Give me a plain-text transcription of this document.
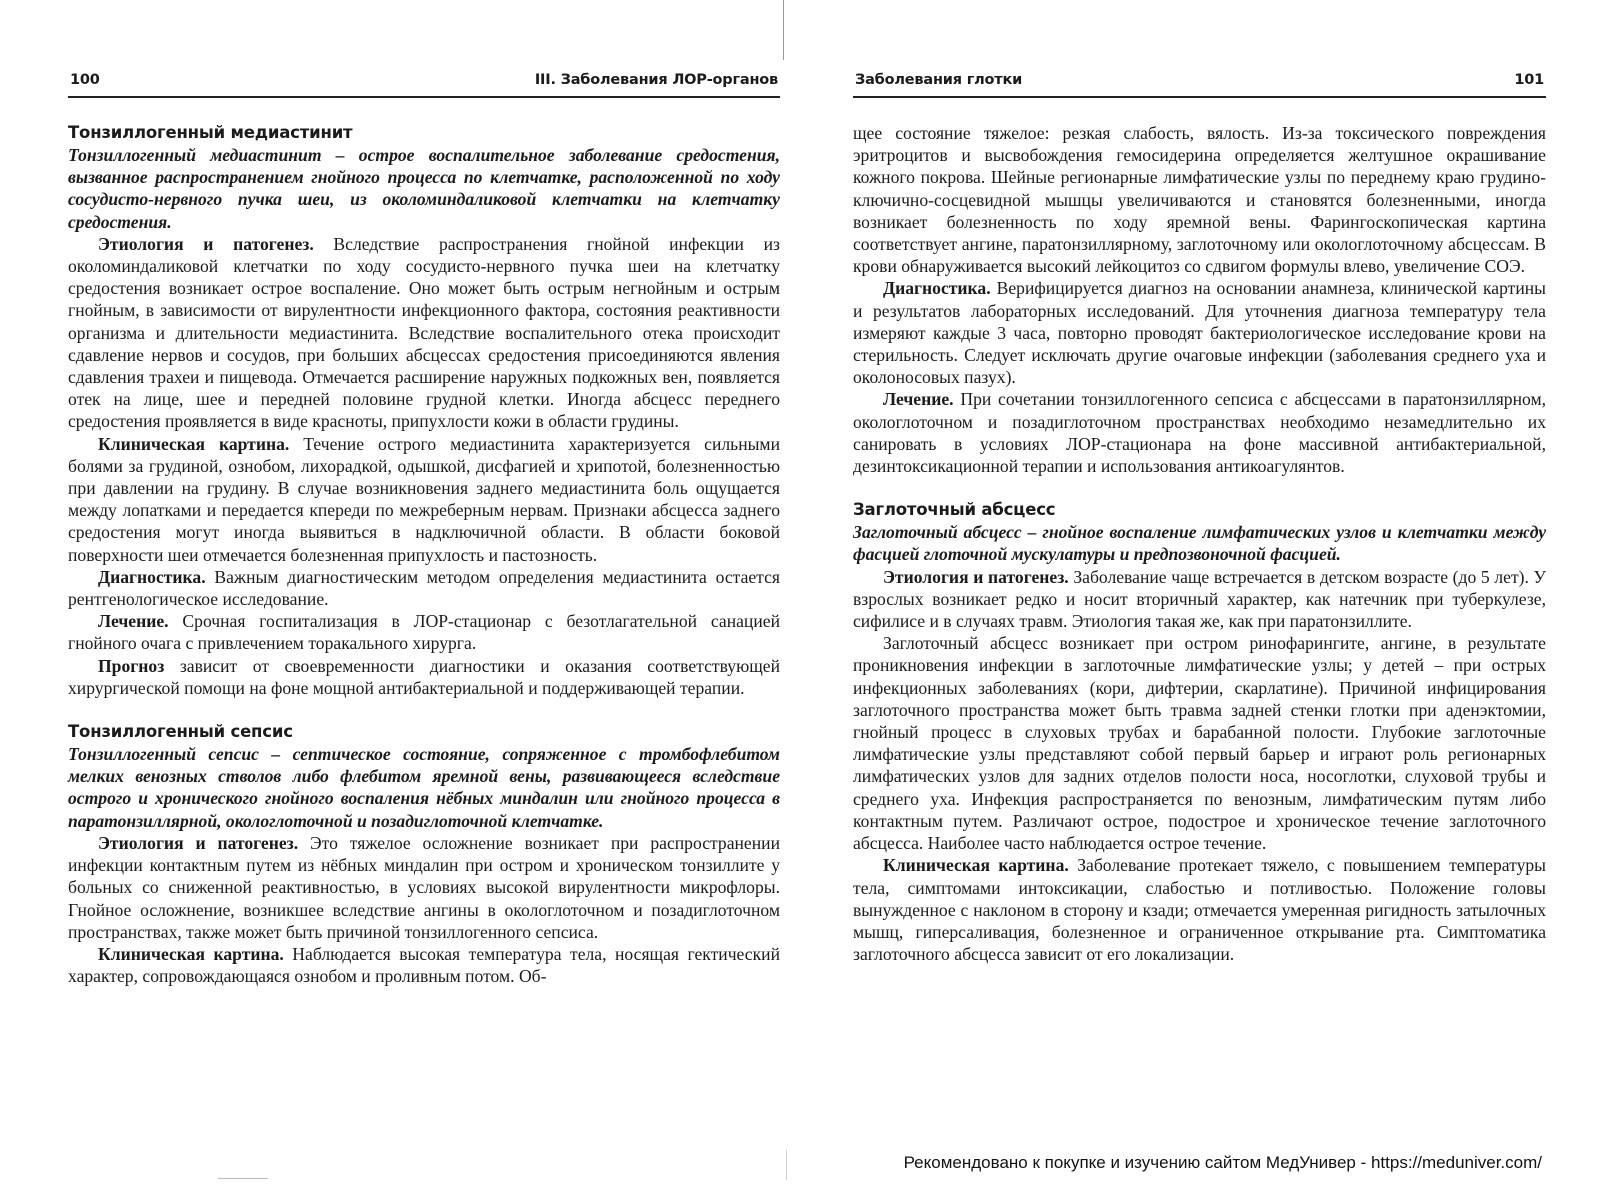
100	III. Заболевания ЛОР-органов
Тонзиллогенный медиастинит

Тонзиллогенный медиастинит – острое воспалительное заболевание средостения, вызванное распространением гнойного процесса по клетчатке, расположенной по ходу сосудисто-нервного пучка шеи, из околоминдаликовой клетчатки на клетчатку средостения.

Этиология и патогенез. Вследствие распространения гнойной инфекции из околоминдаликовой клетчатки по ходу сосудисто-нервного пучка шеи на клетчатку средостения возникает острое воспаление. Оно может быть острым негнойным и острым гнойным, в зависимости от вирулентности инфекционного фактора, состояния реактивности организма и длительности медиастинита. Вследствие воспалительного отека происходит сдавление нервов и сосудов, при больших абсцессах средостения присоединяются явления сдавления трахеи и пищевода. Отмечается расширение наружных подкожных вен, появляется отек на лице, шее и передней половине грудной клетки. Иногда абсцесс переднего средостения проявляется в виде красноты, припухлости кожи в области грудины.

Клиническая картина. Течение острого медиастинита характеризуется сильными болями за грудиной, ознобом, лихорадкой, одышкой, дисфагией и хрипотой, болезненностью при давлении на грудину. В случае возникновения заднего медиастинита боль ощущается между лопатками и передается кпереди по межреберным нервам. Признаки абсцесса заднего средостения могут иногда выявиться в надключичной области. В области боковой поверхности шеи отмечается болезненная припухлость и пастозность.

Диагностика. Важным диагностическим методом определения медиастинита остается рентгенологическое исследование.

Лечение. Срочная госпитализация в ЛОР-стационар с безотлагательной санацией гнойного очага с привлечением торакального хирурга.

Прогноз зависит от своевременности диагностики и оказания соответствующей хирургической помощи на фоне мощной антибактериальной и поддерживающей терапии.

Тонзиллогенный сепсис

Тонзиллогенный сепсис – септическое состояние, сопряженное с тромбофлебитом мелких венозных стволов либо флебитом яремной вены, развивающееся вследствие острого и хронического гнойного воспаления нёбных миндалин или гнойного процесса в паратонзиллярной, окологлоточной и позадиглоточной клетчатке.

Этиология и патогенез. Это тяжелое осложнение возникает при распространении инфекции контактным путем из нёбных миндалин при остром и хроническом тонзиллите у больных со сниженной реактивностью, в условиях высокой вирулентности микрофлоры. Гнойное осложнение, возникшее вследствие ангины в окологлоточном и позадиглоточном пространствах, также может быть причиной тонзиллогенного сепсиса.

Клиническая картина. Наблюдается высокая температура тела, носящая гектический характер, сопровождающаяся ознобом и проливным потом. Об-

Заболевания глотки	101

щее состояние тяжелое: резкая слабость, вялость. Из-за токсического повреждения эритроцитов и высвобождения гемосидерина определяется желтушное окрашивание кожного покрова. Шейные регионарные лимфатические узлы по переднему краю грудино-ключично-сосцевидной мышцы увеличиваются и становятся болезненными, иногда возникает болезненность по ходу яремной вены. Фарингоскопическая картина соответствует ангине, паратонзиллярному, заглоточному или окологлоточному абсцессам. В крови обнаруживается высокий лейкоцитоз со сдвигом формулы влево, увеличение СОЭ.

Диагностика. Верифицируется диагноз на основании анамнеза, клинической картины и результатов лабораторных исследований. Для уточнения диагноза температуру тела измеряют каждые 3 часа, повторно проводят бактериологическое исследование крови на стерильность. Следует исключать другие очаговые инфекции (заболевания среднего уха и околоносовых пазух).

Лечение. При сочетании тонзиллогенного сепсиса с абсцессами в паратонзиллярном, окологлоточном и позадиглоточном пространствах необходимо незамедлительно их санировать в условиях ЛОР-стационара на фоне массивной антибактериальной, дезинтоксикационной терапии и использования антикоагулянтов.

Заглоточный абсцесс

Заглоточный абсцесс – гнойное воспаление лимфатических узлов и клетчатки между фасцией глоточной мускулатуры и предпозвоночной фасцией.

Этиология и патогенез. Заболевание чаще встречается в детском возрасте (до 5 лет). У взрослых возникает редко и носит вторичный характер, как натечник при туберкулезе, сифилисе и в случаях травм. Этиология такая же, как при паратонзиллите.

Заглоточный абсцесс возникает при остром ринофарингите, ангине, в результате проникновения инфекции в заглоточные лимфатические узлы; у детей – при острых инфекционных заболеваниях (кори, дифтерии, скарлатине). Причиной инфицирования заглоточного пространства может быть травма задней стенки глотки при аденэктомии, гнойный процесс в слуховых трубах и барабанной полости. Глубокие заглоточные лимфатические узлы представляют собой первый барьер и играют роль регионарных лимфатических узлов для задних отделов полости носа, носоглотки, слуховой трубы и среднего уха. Инфекция распространяется по венозным, лимфатическим путям либо контактным путем. Различают острое, подострое и хроническое течение заглоточного абсцесса. Наиболее часто наблюдается острое течение.

Клиническая картина. Заболевание протекает тяжело, с повышением температуры тела, симптомами интоксикации, слабостью и потливостью. Положение головы вынужденное с наклоном в сторону и кзади; отмечается умеренная ригидность затылочных мышц, гиперсаливация, болезненное и ограниченное открывание рта. Симптоматика заглоточного абсцесса зависит от его локализации.

Рекомендовано к покупке и изучению сайтом МедУнивер - https://meduniver.com/
